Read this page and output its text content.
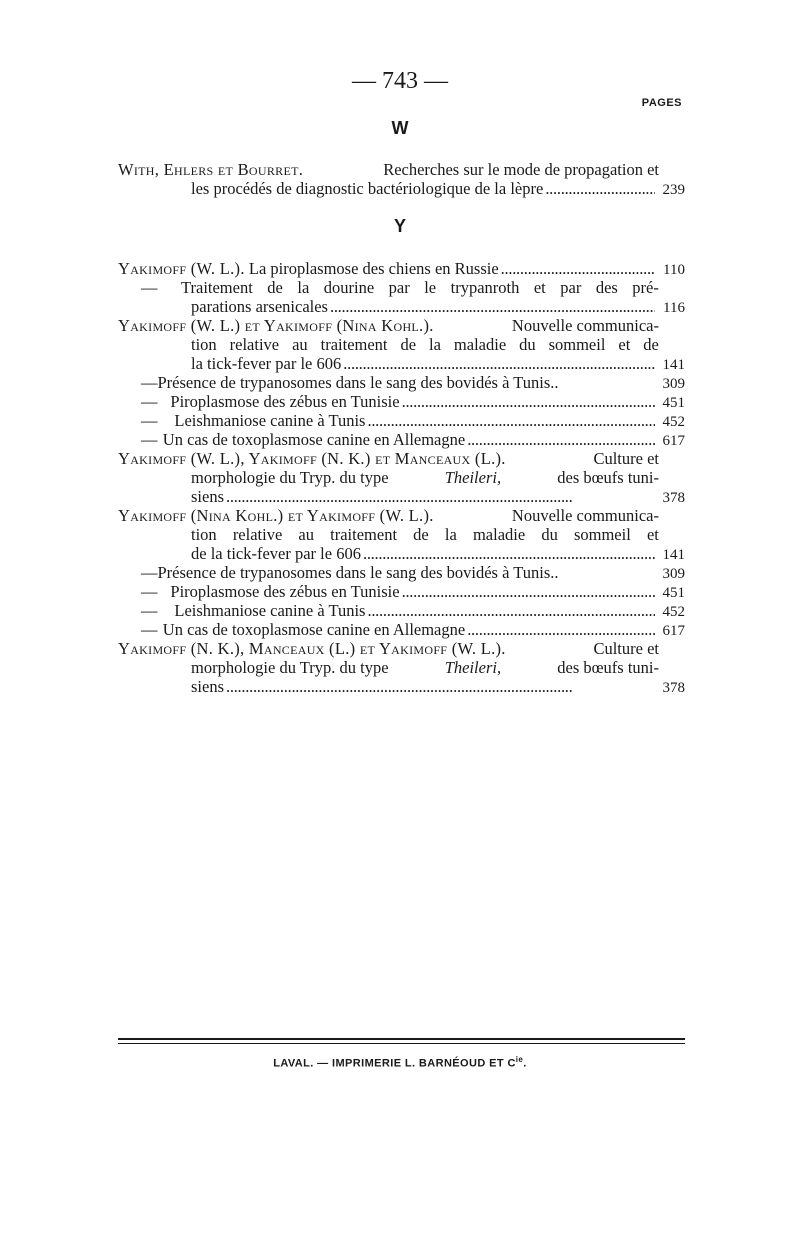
— 743 —
PAGES
W
With, Ehlers et Bourret.	Recherches sur le mode de propagation et
les procédés de diagnostic bactériologique de la lèpre . . .	239
Y
Yakimoff (W. L.). La piroplasmose des chiens en Russie . . .	110
—	Traitement de la dourine par le trypanroth et par des pré-
parations arsenicales . . .	116
Yakimoff (W. L.) et Yakimoff (Nina Kohl.).	Nouvelle communica-
tion relative au traitement de la maladie du sommeil et de
la tick-fever par le 606 . . .	141
— Présence de trypanosomes dans le sang des bovidés à Tunis..	309
— Piroplasmose des zébus en Tunisie . . .	451
—	Leishmaniose canine à Tunis . . .	452
— Un cas de toxoplasmose canine en Allemagne . . .	617
Yakimoff (W. L.), Yakimoff (N. K.) et Manceaux (L.).	Culture et
morphologie du Tryp. du type	Theileri,	des bœufs tuni-
siens . . .	378
Yakimoff (Nina Kohl.) et Yakimoff (W. L.).	Nouvelle communica-
tion relative au traitement de la maladie du sommeil et
de la tick-fever par le 606 . . .	141
— Présence de trypanosomes dans le sang des bovidés à Tunis..	309
— Piroplasmose des zébus en Tunisie . . .	451
—	Leishmaniose canine à Tunis . . .	452
— Un cas de toxoplasmose canine en Allemagne . . .	617
Yakimoff (N. K.), Manceaux (L.) et Yakimoff (W. L.).	Culture et
morphologie du Tryp. du type	Theileri,	des bœufs tuni-
siens . . .	378
LAVAL. — IMPRIMERIE L. BARNÉOUD ET $C^{ie}$.
